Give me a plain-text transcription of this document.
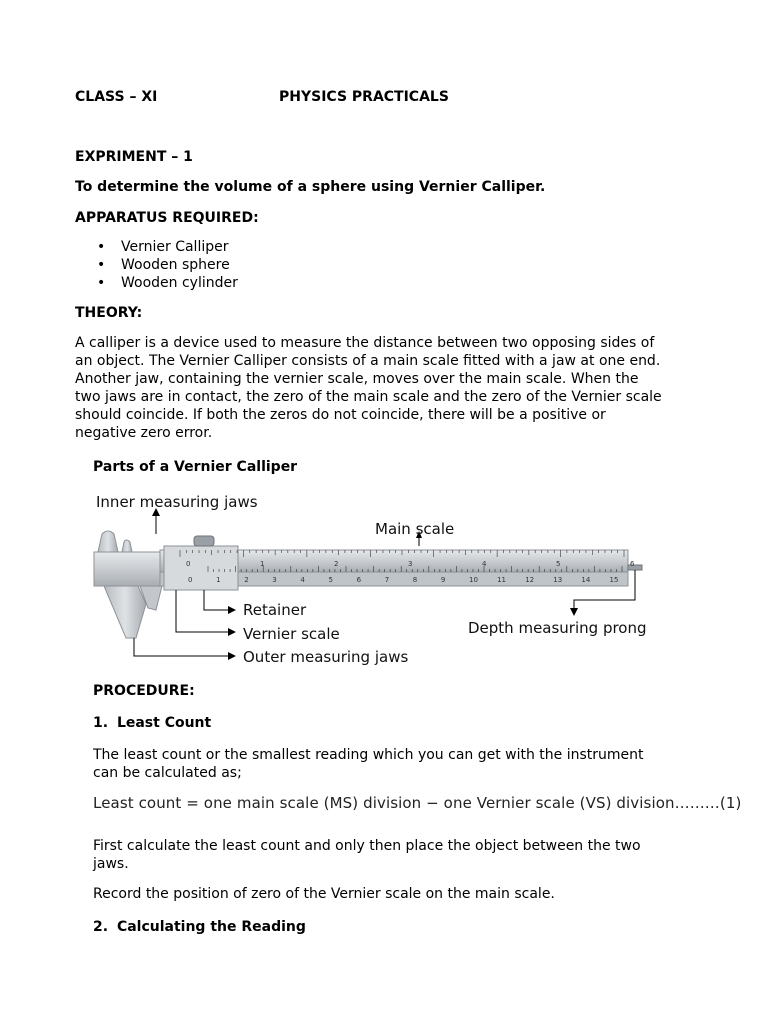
CLASS – XI	PHYSICS PRACTICALS
EXPRIMENT – 1
To determine the volume of a sphere using Vernier Calliper.
APPARATUS REQUIRED:
• Vernier Calliper
• Wooden sphere
• Wooden cylinder
THEORY:
A calliper is a device used to measure the distance between two opposing sides of
an object. The Vernier Calliper consists of a main scale fitted with a jaw at one end.
Another jaw, containing the vernier scale, moves over the main scale. When the
two jaws are in contact, the zero of the main scale and the zero of the Vernier scale
should coincide. If both the zeros do not coincide, there will be a positive or
negative zero error.
Parts of a Vernier Calliper
0	1	2	3	4	5	6
0	1	2	3	4	5	6	7	8	9	10	11	12	13	14	15
Inner measuring jaws
Main scale
Retainer
Vernier scale
Outer measuring jaws
Depth measuring prong
PROCEDURE:
1. Least Count
The least count or the smallest reading which you can get with the instrument
can be calculated as;
Least count = one main scale (MS) division − one Vernier scale (VS) division………(1)
First calculate the least count and only then place the object between the two
jaws.
Record the position of zero of the Vernier scale on the main scale.
2. Calculating the Reading
